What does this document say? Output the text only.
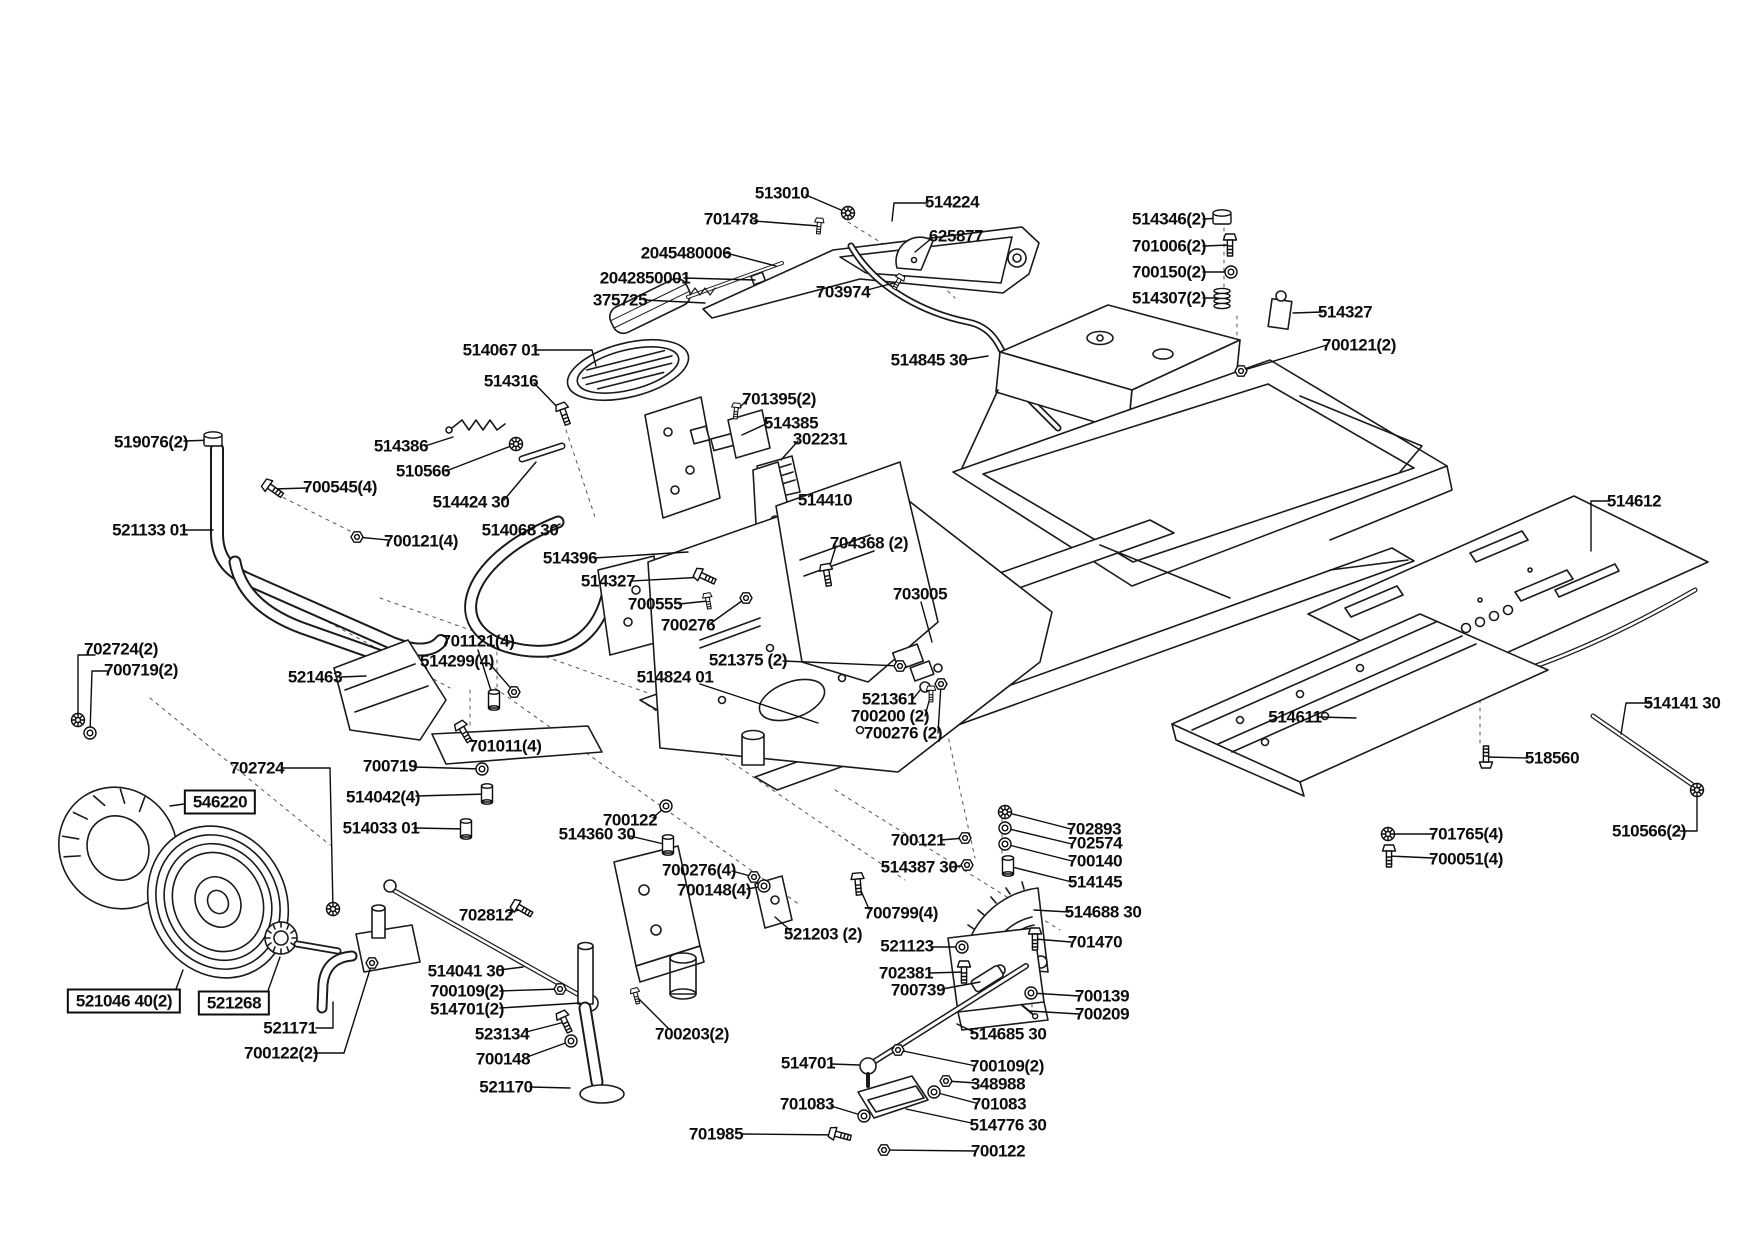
513010
701478
514224
625877
2045480006
2042850001
375725	703974
514845 30
514346(2)
701006(2)
700150(2)
514307(2)
514327
700121(2)
519076(2)
521133 01
700545(4)
700121(4)
514386
510566
514424 30
514067 01
514316
701395(2)
514385
302231
514410
514068 30
514396
514327
700555
700276
704368 (2)
703005
521375 (2)
514824 01
521361
700200 (2)
700276 (2)
700121
514387 30
700799(4)
521203 (2)
702893
702574
700140
514145
514688 30
701470
521123
702381
700739	700139
700209
514685 30
514701	700109(2)
348988
701083
514776 30
701083
701985
700122
702812
514041 30
700109(2)
514701(2)
523134
700148
521170
700276(4)
700148(4)
700203(2)
701011(4)
700122
514360 30
702724(2)
700719(2)	521463
701121(4)
514299(4)
700719
702724
546220	514042(4)
514033 01
521046 40(2)	521268
521171
700122(2)
514612
514141 30
518560
514611
701765(4)
700051(4)
510566(2)
